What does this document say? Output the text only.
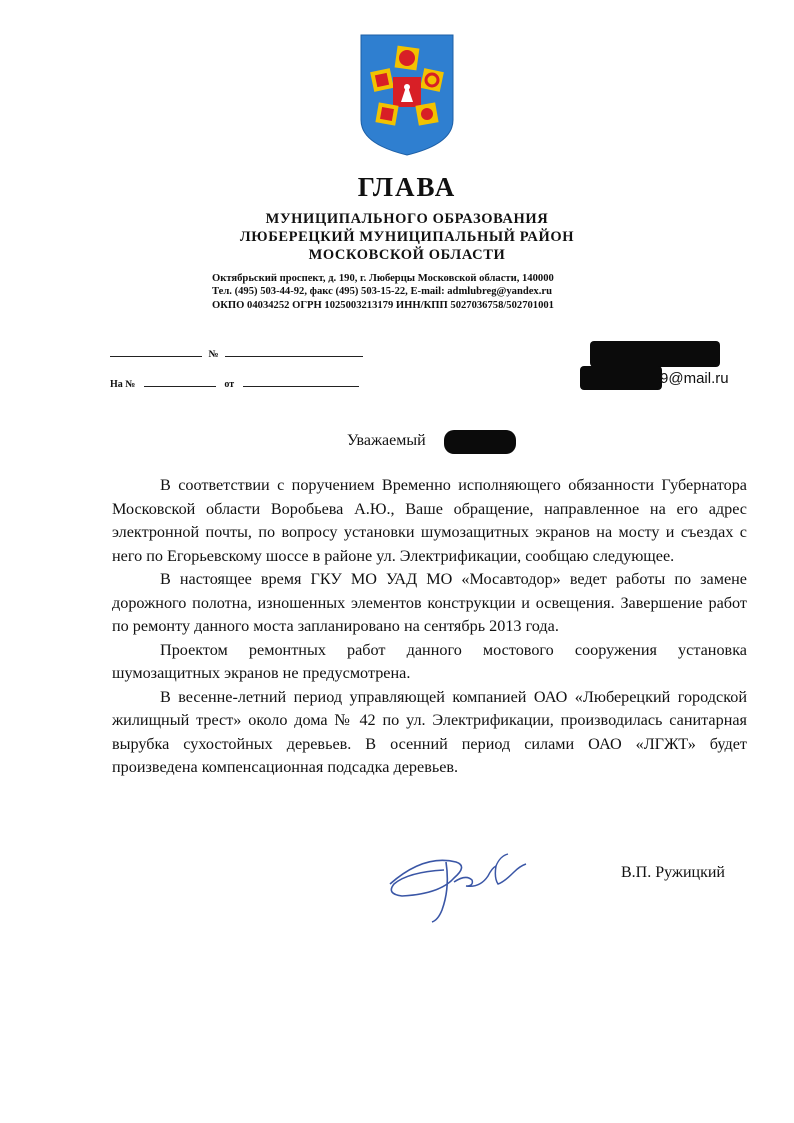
ГЛАВА
МУНИЦИПАЛЬНОГО ОБРАЗОВАНИЯ
ЛЮБЕРЕЦКИЙ МУНИЦИПАЛЬНЫЙ РАЙОН
МОСКОВСКОЙ ОБЛАСТИ
Октябрьский проспект, д. 190, г. Люберцы Московской области, 140000
Тел. (495) 503-44-92, факс (495) 503-15-22, E-mail: admlubreg@yandex.ru
ОКПО 04034252 ОГРН 1025003213179 ИНН/КПП 5027036758/502701001
№
На №	от	9@mail.ru
Уважаемый

В соответствии с поручением Временно исполняющего обязанности Губернатора Московской области Воробьева А.Ю., Ваше обращение, направленное на его адрес электронной почты, по вопросу установки шумозащитных экранов на мосту и съездах с него по Егорьевскому шоссе в районе ул. Электрификации, сообщаю следующее.

В настоящее время ГКУ МО УАД МО «Мосавтодор» ведет работы по замене дорожного полотна, изношенных элементов конструкции и освещения. Завершение работ по ремонту данного моста запланировано на сентябрь 2013 года.

Проектом ремонтных работ данного мостового сооружения установка шумозащитных экранов не предусмотрена.

В весенне-летний период управляющей компанией ОАО «Люберецкий городской жилищный трест» около дома № 42 по ул. Электрификации, производилась санитарная вырубка сухостойных деревьев. В осенний период силами ОАО «ЛГЖТ» будет произведена компенсационная подсадка деревьев.

В.П. Ружицкий
